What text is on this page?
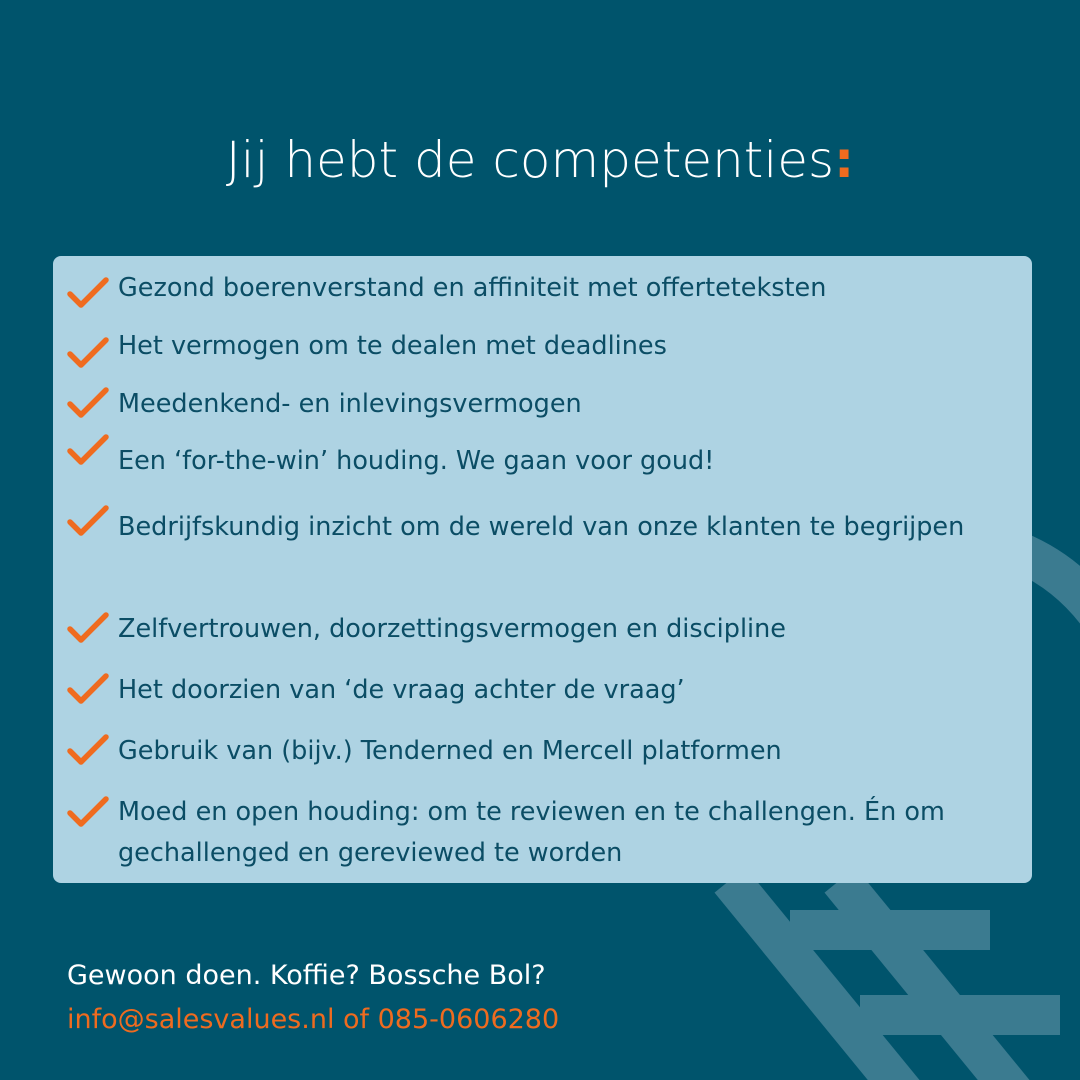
Jij hebt de competenties:
Gezond boerenverstand en affiniteit met offerteteksten
Het vermogen om te dealen met deadlines
Meedenkend- en inlevingsvermogen
Een ‘for-the-win’ houding. We gaan voor goud!
Bedrijfskundig inzicht om de wereld van onze klanten te begrijpen
Zelfvertrouwen, doorzettingsvermogen en discipline
Het doorzien van ‘de vraag achter de vraag’
Gebruik van (bijv.) Tenderned en Mercell platformen
Moed en open houding: om te reviewen en te challengen. Én om gechallenged en gereviewed te worden
Gewoon doen. Koffie? Bossche Bol?
info@salesvalues.nl of 085-0606280
